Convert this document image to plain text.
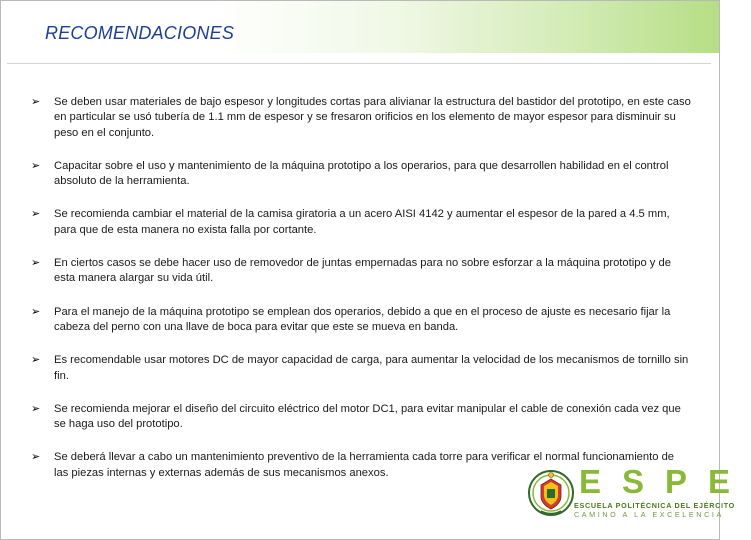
RECOMENDACIONES
➢ Se deben usar materiales de bajo espesor y longitudes cortas para alivianar la estructura del bastidor del prototipo, en este caso en particular se usó tubería de 1.1 mm de espesor y se fresaron orificios en los elemento de mayor espesor para disminuir su peso en el conjunto.
➢ Capacitar sobre el uso y mantenimiento de la máquina prototipo a los operarios, para que desarrollen habilidad en el control absoluto de la herramienta.
➢ Se recomienda cambiar el material de la camisa giratoria a un acero AISI 4142 y aumentar el espesor de la pared a 4.5 mm, para que de esta manera no exista falla por cortante.
➢ En ciertos casos se debe hacer uso de removedor de juntas empernadas para no sobre esforzar a la máquina prototipo y de esta manera alargar su vida útil.
➢ Para el manejo de la máquina prototipo se emplean dos operarios, debido a que en el proceso de ajuste es necesario fijar la cabeza del perno con una llave de boca para evitar que este se mueva en banda.
➢ Es recomendable usar motores DC de mayor capacidad de carga, para aumentar la velocidad de los mecanismos de tornillo sin fin.
➢ Se recomienda mejorar el diseño del circuito eléctrico del motor DC1, para evitar manipular el cable de conexión cada vez que se haga uso del prototipo.
➢ Se deberá llevar a cabo un mantenimiento preventivo de la herramienta cada torre para verificar el normal funcionamiento de las piezas internas y externas además de sus mecanismos anexos.	ESPE
ESCUELA POLITÉCNICA DEL EJÉRCITO
CAMINO A LA EXCELENCIA
